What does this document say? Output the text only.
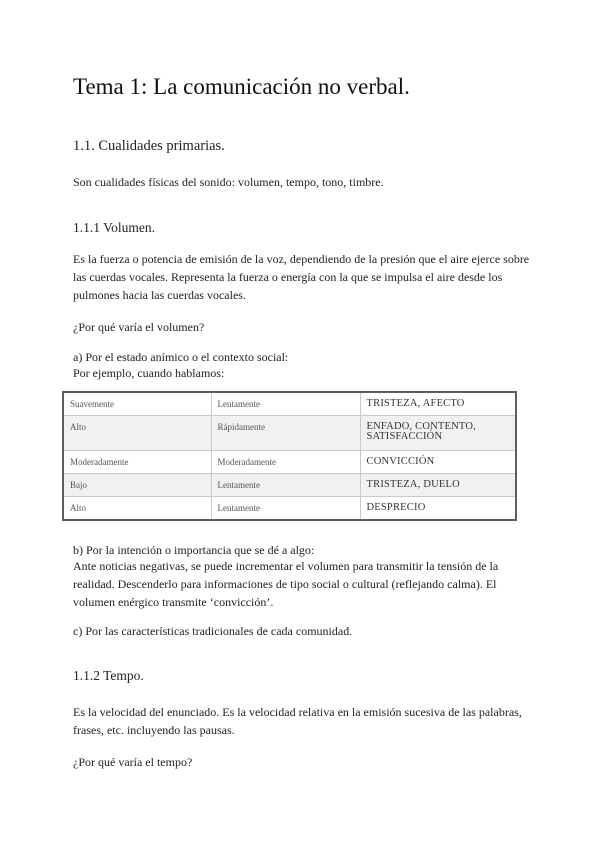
Tema 1: La comunicación no verbal.
1.1. Cualidades primarias.

Son cualidades físicas del sonido: volumen, tempo, tono, timbre.

1.1.1 Volumen.

Es la fuerza o potencia de emisión de la voz, dependiendo de la presión que el aire ejerce sobre las cuerdas vocales. Representa la fuerza o energía con la que se impulsa el aire desde los pulmones hacia las cuerdas vocales.

¿Por qué varía el volumen?

a) Por el estado anímico o el contexto social:

Por ejemplo, cuando hablamos:

Suavemente	Lentamente	TRISTEZA, AFECTO
Alto	Rápidamente	ENFADO, CONTENTO, SATISFACCIÓN
Moderadamente	Moderadamente	CONVICCIÓN
Bajo	Lentamente	TRISTEZA, DUELO
Alto	Lentamente	DESPRECIO

b) Por la intención o importancia que se dé a algo:

Ante noticias negativas, se puede incrementar el volumen para transmitir la tensión de la realidad. Descenderlo para informaciones de tipo social o cultural (reflejando calma). El volumen enérgico transmite ‘convicción’.

c) Por las características tradicionales de cada comunidad.

1.1.2 Tempo.

Es la velocidad del enunciado. Es la velocidad relativa en la emisión sucesiva de las palabras, frases, etc. incluyendo las pausas.

¿Por qué varía el tempo?
